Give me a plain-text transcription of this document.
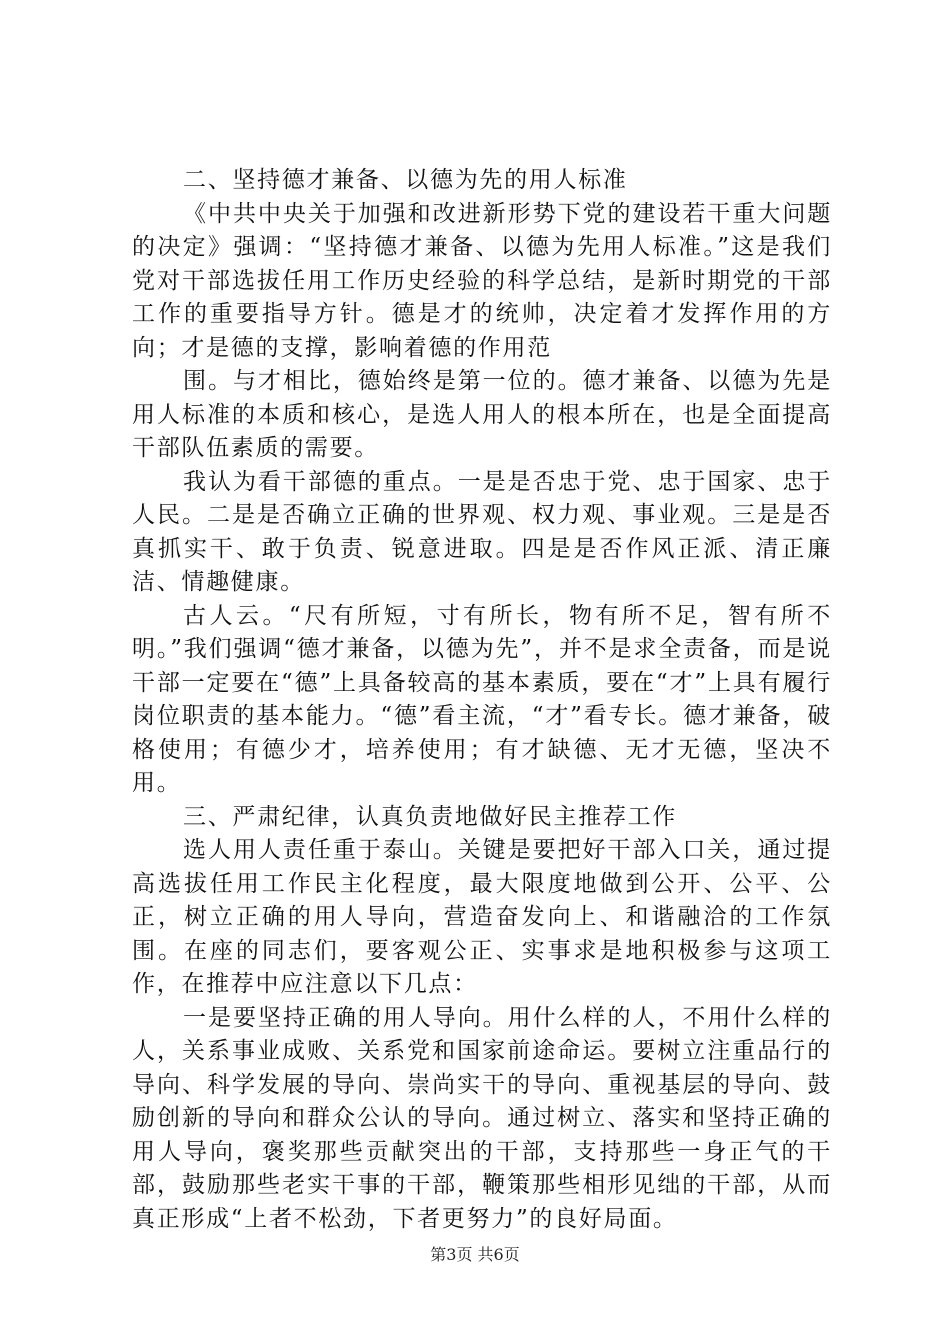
二、坚持德才兼备、以德为先的用人标准

《中共中央关于加强和改进新形势下党的建设若干重大问题的决定》强调：“坚持德才兼备、以德为先用人标准。”这是我们党对干部选拔任用工作历史经验的科学总结，是新时期党的干部工作的重要指导方针。德是才的统帅，决定着才发挥作用的方向；才是德的支撑，影响着德的作用范

围。与才相比，德始终是第一位的。德才兼备、以德为先是用人标准的本质和核心，是选人用人的根本所在，也是全面提高干部队伍素质的需要。

我认为看干部德的重点。一是是否忠于党、忠于国家、忠于人民。二是是否确立正确的世界观、权力观、事业观。三是是否真抓实干、敢于负责、锐意进取。四是是否作风正派、清正廉洁、情趣健康。

古人云。“尺有所短，寸有所长，物有所不足，智有所不明。”我们强调“德才兼备，以德为先”，并不是求全责备，而是说干部一定要在“德”上具备较高的基本素质，要在“才”上具有履行岗位职责的基本能力。“德”看主流，“才”看专长。德才兼备，破格使用；有德少才，培养使用；有才缺德、无才无德，坚决不用。

三、严肃纪律，认真负责地做好民主推荐工作

选人用人责任重于泰山。关键是要把好干部入口关，通过提高选拔任用工作民主化程度，最大限度地做到公开、公平、公正，树立正确的用人导向，营造奋发向上、和谐融洽的工作氛围。在座的同志们，要客观公正、实事求是地积极参与这项工作，在推荐中应注意以下几点：

一是要坚持正确的用人导向。用什么样的人，不用什么样的人，关系事业成败、关系党和国家前途命运。要树立注重品行的导向、科学发展的导向、崇尚实干的导向、重视基层的导向、鼓励创新的导向和群众公认的导向。通过树立、落实和坚持正确的用人导向，褒奖那些贡献突出的干部，支持那些一身正气的干部，鼓励那些老实干事的干部，鞭策那些相形见绌的干部，从而真正形成“上者不松劲，下者更努力”的良好局面。

第3页 共6页
